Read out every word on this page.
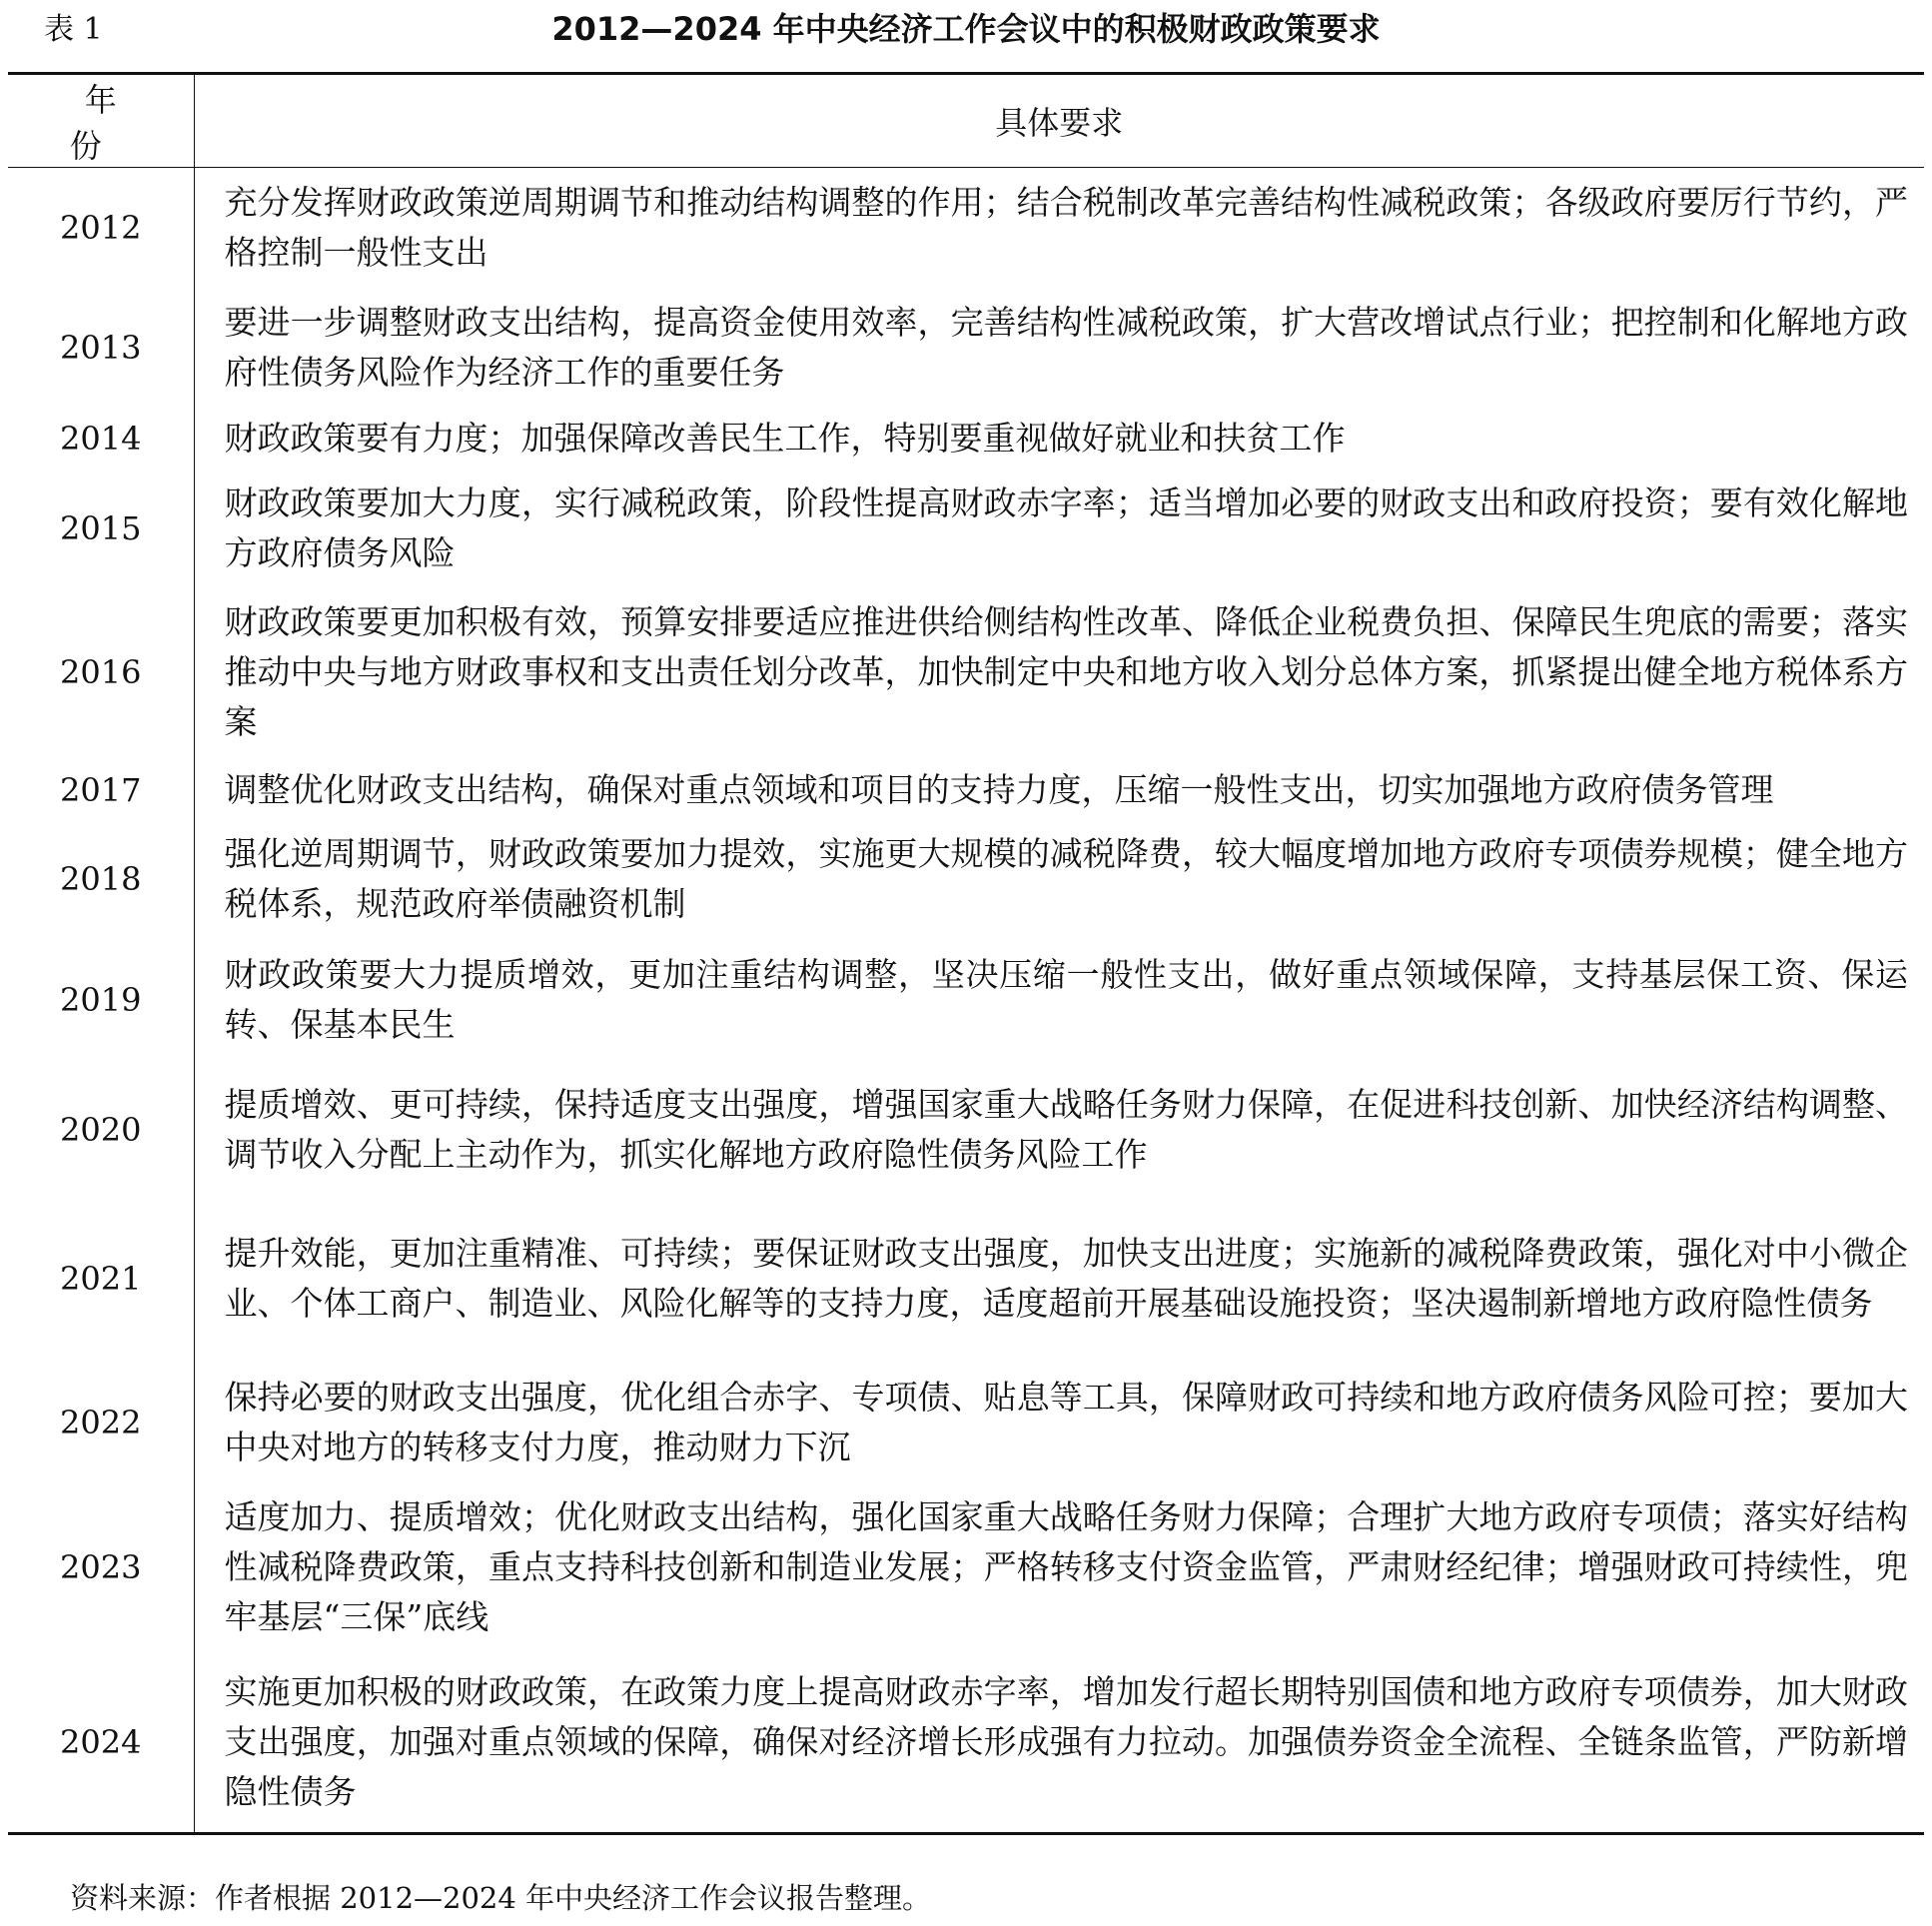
表 1	2012—2024 年中央经济工作会议中的积极财政政策要求
年 份	具体要求
2012	充分发挥财政政策逆周期调节和推动结构调整的作用；结合税制改革完善结构性减税政策；各级政府要厉行节约，严格控制一般性支出
2013	要进一步调整财政支出结构，提高资金使用效率，完善结构性减税政策，扩大营改增试点行业；把控制和化解地方政府性债务风险作为经济工作的重要任务
2014	财政政策要有力度；加强保障改善民生工作，特别要重视做好就业和扶贫工作
2015	财政政策要加大力度，实行减税政策，阶段性提高财政赤字率；适当增加必要的财政支出和政府投资；要有效化解地方政府债务风险
2016	财政政策要更加积极有效，预算安排要适应推进供给侧结构性改革、降低企业税费负担、保障民生兜底的需要；落实推动中央与地方财政事权和支出责任划分改革，加快制定中央和地方收入划分总体方案，抓紧提出健全地方税体系方案
2017	调整优化财政支出结构，确保对重点领域和项目的支持力度，压缩一般性支出，切实加强地方政府债务管理
2018	强化逆周期调节，财政政策要加力提效，实施更大规模的减税降费，较大幅度增加地方政府专项债券规模；健全地方税体系，规范政府举债融资机制
2019	财政政策要大力提质增效，更加注重结构调整，坚决压缩一般性支出，做好重点领域保障，支持基层保工资、保运转、保基本民生
2020	提质增效、更可持续，保持适度支出强度，增强国家重大战略任务财力保障，在促进科技创新、加快经济结构调整、调节收入分配上主动作为，抓实化解地方政府隐性债务风险工作
2021	提升效能，更加注重精准、可持续；要保证财政支出强度，加快支出进度；实施新的减税降费政策，强化对中小微企业、个体工商户、制造业、风险化解等的支持力度，适度超前开展基础设施投资；坚决遏制新增地方政府隐性债务
2022	保持必要的财政支出强度，优化组合赤字、专项债、贴息等工具，保障财政可持续和地方政府债务风险可控；要加大中央对地方的转移支付力度，推动财力下沉
2023	适度加力、提质增效；优化财政支出结构，强化国家重大战略任务财力保障；合理扩大地方政府专项债；落实好结构性减税降费政策，重点支持科技创新和制造业发展；严格转移支付资金监管，严肃财经纪律；增强财政可持续性，兜牢基层“三保”底线
2024	实施更加积极的财政政策，在政策力度上提高财政赤字率，增加发行超长期特别国债和地方政府专项债券，加大财政支出强度，加强对重点领域的保障，确保对经济增长形成强有力拉动。加强债券资金全流程、全链条监管，严防新增隐性债务
资料来源：作者根据 2012—2024 年中央经济工作会议报告整理。
